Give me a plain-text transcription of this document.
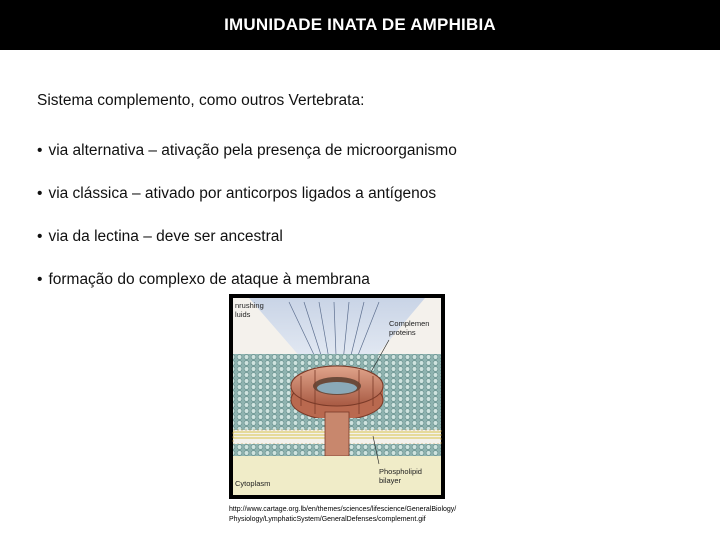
IMUNIDADE INATA DE AMPHIBIA

Sistema complemento, como outros Vertebrata:

• via alternativa – ativação pela presença de microorganismo
• via clássica – ativado por anticorpos ligados a antígenos
• via da lectina – deve ser ancestral
• formação do complexo de ataque à membrana
nrushing
luids
Complemen
proteins
Cytoplasm
Phospholipid
bilayer
http://www.cartage.org.lb/en/themes/sciences/lifescience/GeneralBiology/Physiology/LymphaticSystem/GeneralDefenses/complement.gif
